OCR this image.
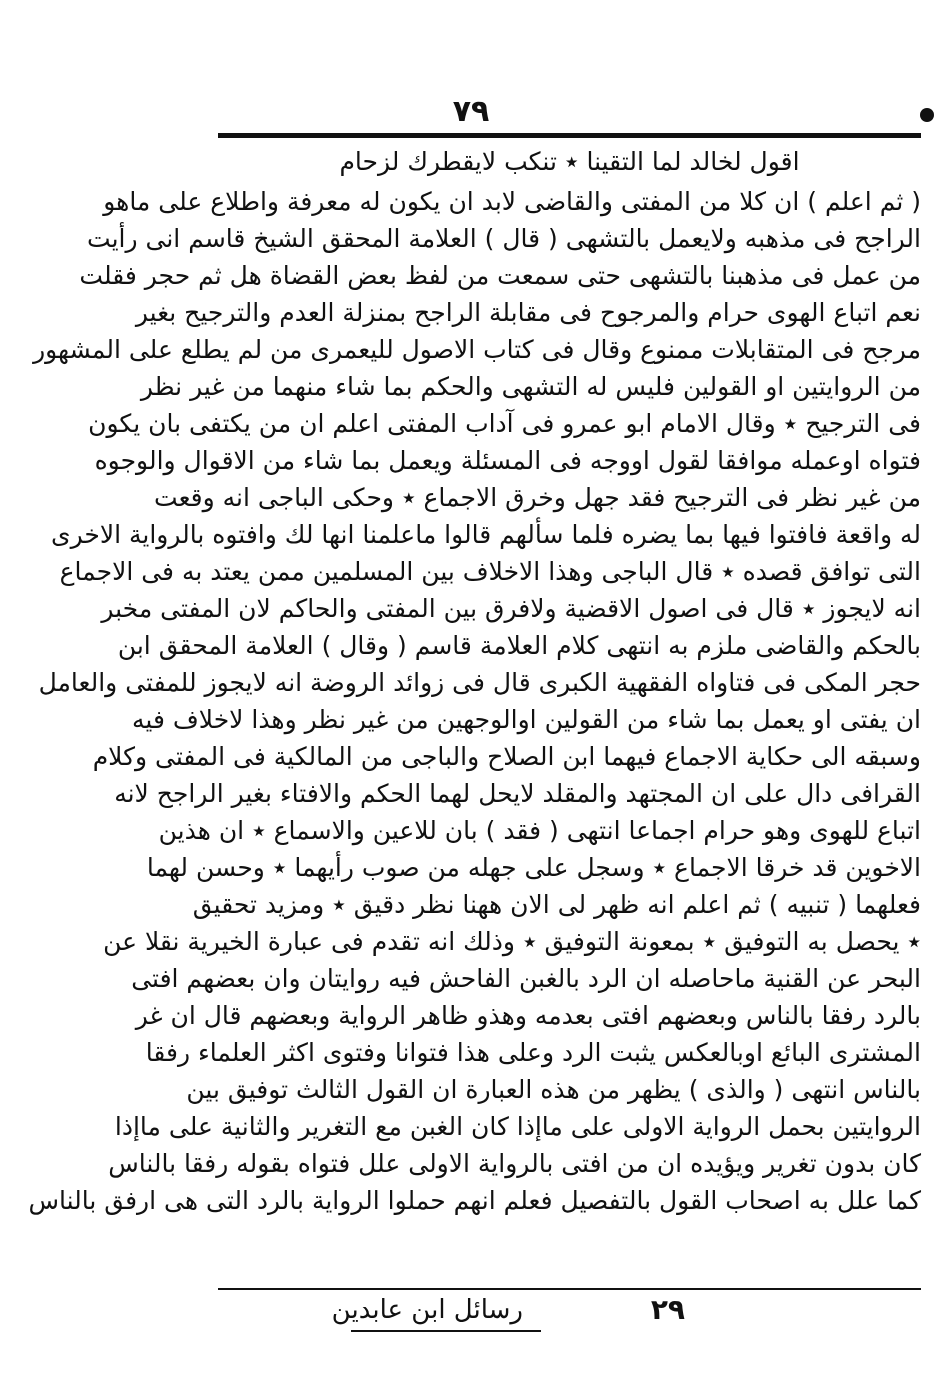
٧٩
اقول لخالد لما التقينا ٭ تنكب لايقطرك لزحام
( ثم اعلم ) ان كلا من المفتى والقاضى لابد ان يكون له معرفة واطلاع على ماهو
الراجح فى مذهبه ولايعمل بالتشهى ( قال ) العلامة المحقق الشيخ قاسم انى رأيت
من عمل فى مذهبنا بالتشهى حتى سمعت من لفظ بعض القضاة هل ثم حجر فقلت
نعم اتباع الهوى حرام والمرجوح فى مقابلة الراجح بمنزلة العدم والترجيح بغير
مرجح فى المتقابلات ممنوع وقال فى كتاب الاصول لليعمرى من لم يطلع على المشهور
من الروايتين او القولين فليس له التشهى والحكم بما شاء منهما من غير نظر
فى الترجيح ٭ وقال الامام ابو عمرو فى آداب المفتى اعلم ان من يكتفى بان يكون
فتواه اوعمله موافقا لقول اووجه فى المسئلة ويعمل بما شاء من الاقوال والوجوه
من غير نظر فى الترجيح فقد جهل وخرق الاجماع ٭ وحكى الباجى انه وقعت
له واقعة فافتوا فيها بما يضره فلما سألهم قالوا ماعلمنا انها لك وافتوه بالرواية الاخرى
التى توافق قصده ٭ قال الباجى وهذا الاخلاف بين المسلمين ممن يعتد به فى الاجماع
انه لايجوز ٭ قال فى اصول الاقضية ولافرق بين المفتى والحاكم لان المفتى مخبر
بالحكم والقاضى ملزم به انتهى كلام العلامة قاسم ( وقال ) العلامة المحقق ابن
حجر المكى فى فتاواه الفقهية الكبرى قال فى زوائد الروضة انه لايجوز للمفتى والعامل
ان يفتى او يعمل بما شاء من القولين اوالوجهين من غير نظر وهذا لاخلاف فيه
وسبقه الى حكاية الاجماع فيهما ابن الصلاح والباجى من المالكية فى المفتى وكلام
القرافى دال على ان المجتهد والمقلد لايحل لهما الحكم والافتاء بغير الراجح لانه
اتباع للهوى وهو حرام اجماعا انتهى ( فقد ) بان للاعين والاسماع ٭ ان هذين
الاخوين قد خرقا الاجماع ٭ وسجل على جهله من صوب رأيهما ٭ وحسن لهما
فعلهما ( تنبيه ) ثم اعلم انه ظهر لى الان ههنا نظر دقيق ٭ ومزيد تحقيق
٭ يحصل به التوفيق ٭ بمعونة التوفيق ٭ وذلك انه تقدم فى عبارة الخيرية نقلا عن
البحر عن القنية ماحاصله ان الرد بالغبن الفاحش فيه روايتان وان بعضهم افتى
بالرد رفقا بالناس وبعضهم افتى بعدمه وهذو ظاهر الرواية وبعضهم قال ان غر
المشترى البائع اوبالعكس يثبت الرد وعلى هذا فتوانا وفتوى اكثر العلماء رفقا
بالناس انتهى ( والذى ) يظهر من هذه العبارة ان القول الثالث توفيق بين
الروايتين بحمل الرواية الاولى على ماإذا كان الغبن مع التغرير والثانية على ماإذا
كان بدون تغرير ويؤيده ان من افتى بالرواية الاولى علل فتواه بقوله رفقا بالناس
كما علل به اصحاب القول بالتفصيل فعلم انهم حملوا الرواية بالرد التى هى ارفق بالناس
٢٩
رسائل ابن عابدين
